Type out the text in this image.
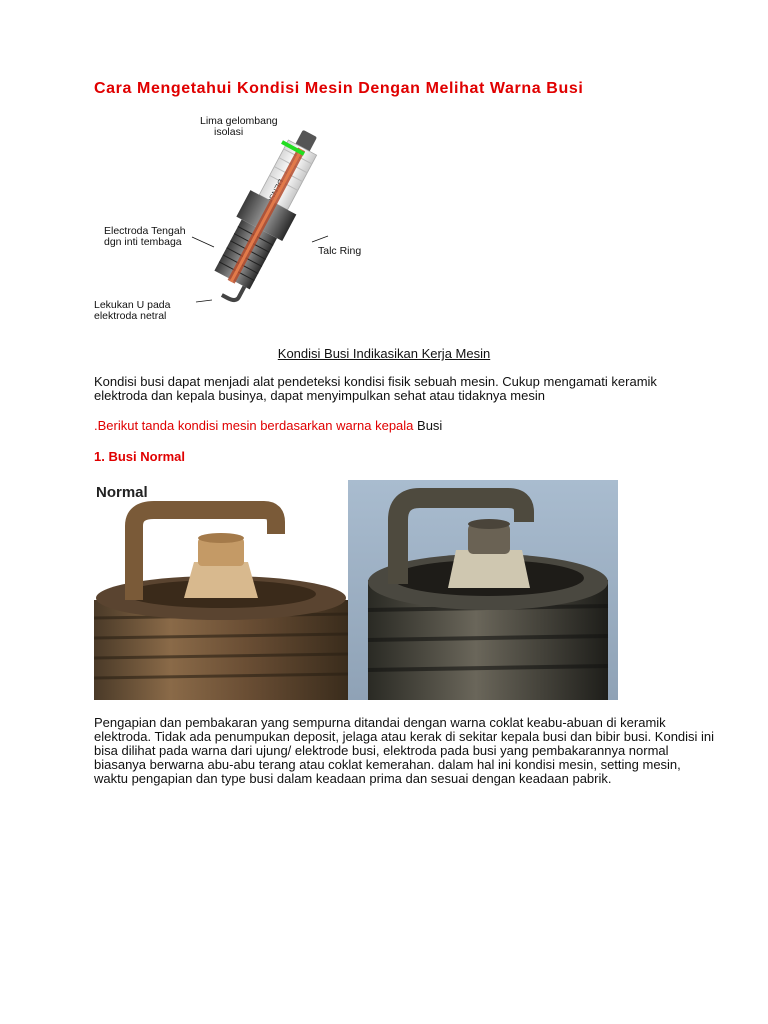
Cara Mengetahui Kondisi Mesin Dengan Melihat Warna Busi
Lima gelombang
isolasi
Electroda Tengah
dgn inti tembaga
Talc Ring
Lekukan U pada
elektroda netral
Kondisi Busi Indikasikan Kerja Mesin
Kondisi busi dapat menjadi alat pendeteksi kondisi fisik sebuah mesin. Cukup mengamati keramik elektroda dan kepala businya, dapat menyimpulkan sehat atau tidaknya mesin
.Berikut tanda kondisi mesin berdasarkan warna kepala Busi
1. Busi Normal
Normal
Pengapian dan pembakaran yang sempurna ditandai dengan warna coklat keabu-abuan di keramik elektroda. Tidak ada penumpukan deposit, jelaga atau kerak di sekitar kepala busi dan bibir busi. Kondisi ini bisa dilihat pada warna dari ujung/ elektrode busi, elektroda pada busi yang pembakarannya normal biasanya berwarna abu-abu terang atau coklat kemerahan. dalam hal ini kondisi mesin, setting mesin, waktu pengapian dan type busi dalam keadaan prima dan sesuai dengan keadaan pabrik.
